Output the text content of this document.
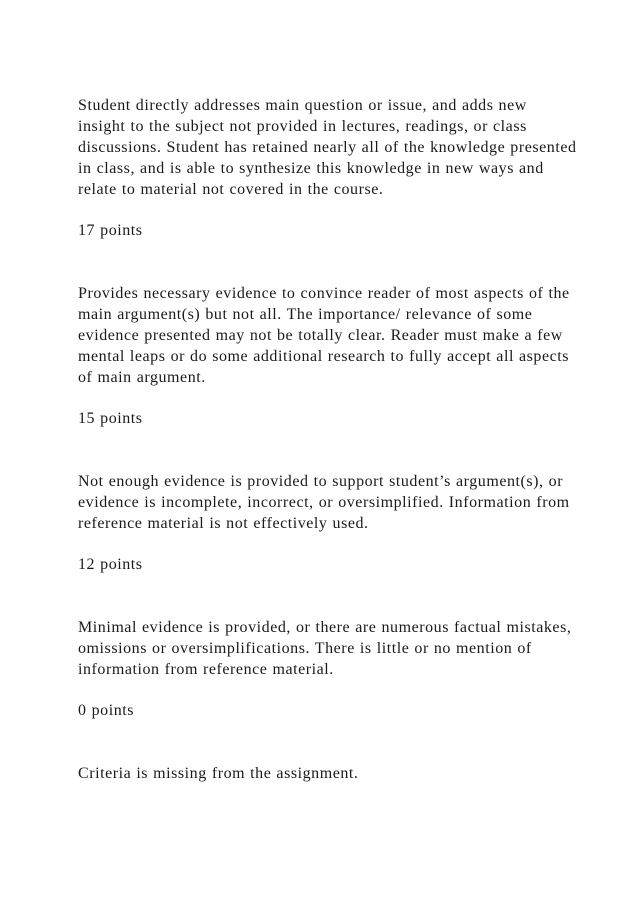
Student directly addresses main question or issue, and adds new insight to the subject not provided in lectures, readings, or class discussions. Student has retained nearly all of the knowledge presented in class, and is able to synthesize this knowledge in new ways and relate to material not covered in the course.

17 points

Provides necessary evidence to convince reader of most aspects of the main argument(s) but not all. The importance/ relevance of some evidence presented may not be totally clear. Reader must make a few mental leaps or do some additional research to fully accept all aspects of main argument.

15 points

Not enough evidence is provided to support student’s argument(s), or evidence is incomplete, incorrect, or oversimplified. Information from reference material is not effectively used.

12 points

Minimal evidence is provided, or there are numerous factual mistakes, omissions or oversimplifications. There is little or no mention of information from reference material.

0 points

Criteria is missing from the assignment.
